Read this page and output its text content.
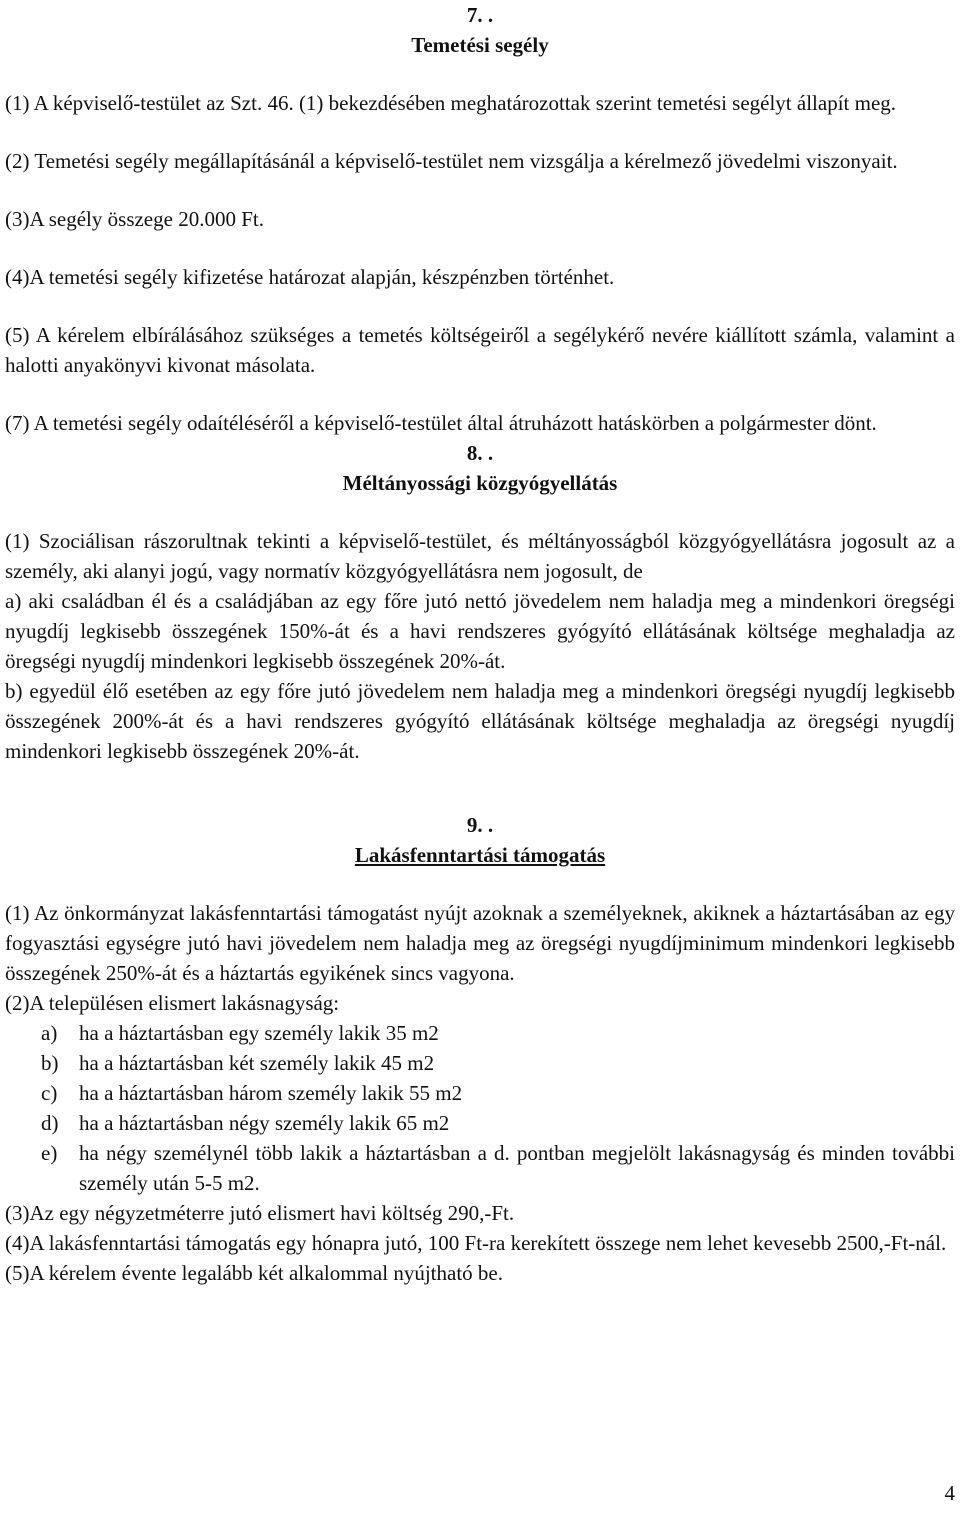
7. .
Temetési segély

(1) A képviselő-testület az Szt. 46. (1) bekezdésében meghatározottak szerint temetési segélyt állapít meg.

(2) Temetési segély megállapításánál a képviselő-testület nem vizsgálja a kérelmező jövedelmi viszonyait.

(3)A segély összege 20.000 Ft.

(4)A temetési segély kifizetése határozat alapján, készpénzben történhet.

(5) A kérelem elbírálásához szükséges a temetés költségeiről a segélykérő nevére kiállított számla, valamint a halotti anyakönyvi kivonat másolata.

(7) A temetési segély odaítéléséről a képviselő-testület által átruházott hatáskörben a polgármester dönt.

8. .
Méltányossági közgyógyellátás

(1) Szociálisan rászorultnak tekinti a képviselő-testület, és méltányosságból közgyógyellátásra jogosult az a személy, aki alanyi jogú, vagy normatív közgyógyellátásra nem jogosult, de

a) aki családban él és a családjában az egy főre jutó nettó jövedelem nem haladja meg a mindenkori öregségi nyugdíj legkisebb összegének 150%-át és a havi rendszeres gyógyító ellátásának költsége meghaladja az öregségi nyugdíj mindenkori legkisebb összegének 20%-át.

b) egyedül élő esetében az egy főre jutó jövedelem nem haladja meg a mindenkori öregségi nyugdíj legkisebb összegének 200%-át és a havi rendszeres gyógyító ellátásának költsége meghaladja az öregségi nyugdíj mindenkori legkisebb összegének 20%-át.

9. .
Lakásfenntartási támogatás

(1) Az önkormányzat lakásfenntartási támogatást nyújt azoknak a személyeknek, akiknek a háztartásában az egy fogyasztási egységre jutó havi jövedelem nem haladja meg az öregségi nyugdíjminimum mindenkori legkisebb összegének 250%-át és a háztartás egyikének sincs vagyona.

(2)A településen elismert lakásnagyság:

a)	ha a háztartásban egy személy lakik 35 m2
b) ha a háztartásban két személy lakik 45 m2
c)	ha a háztartásban három személy lakik 55 m2
d) ha a háztartásban négy személy lakik 65 m2
e)	ha négy személynél több lakik a háztartásban a d. pontban megjelölt lakásnagyság és minden további személy után 5-5 m2.

(3)Az egy négyzetméterre jutó elismert havi költség 290,-Ft.

(4)A lakásfenntartási támogatás egy hónapra jutó, 100 Ft-ra kerekített összege nem lehet kevesebb 2500,-Ft-nál.

(5)A kérelem évente legalább két alkalommal nyújtható be.

4
